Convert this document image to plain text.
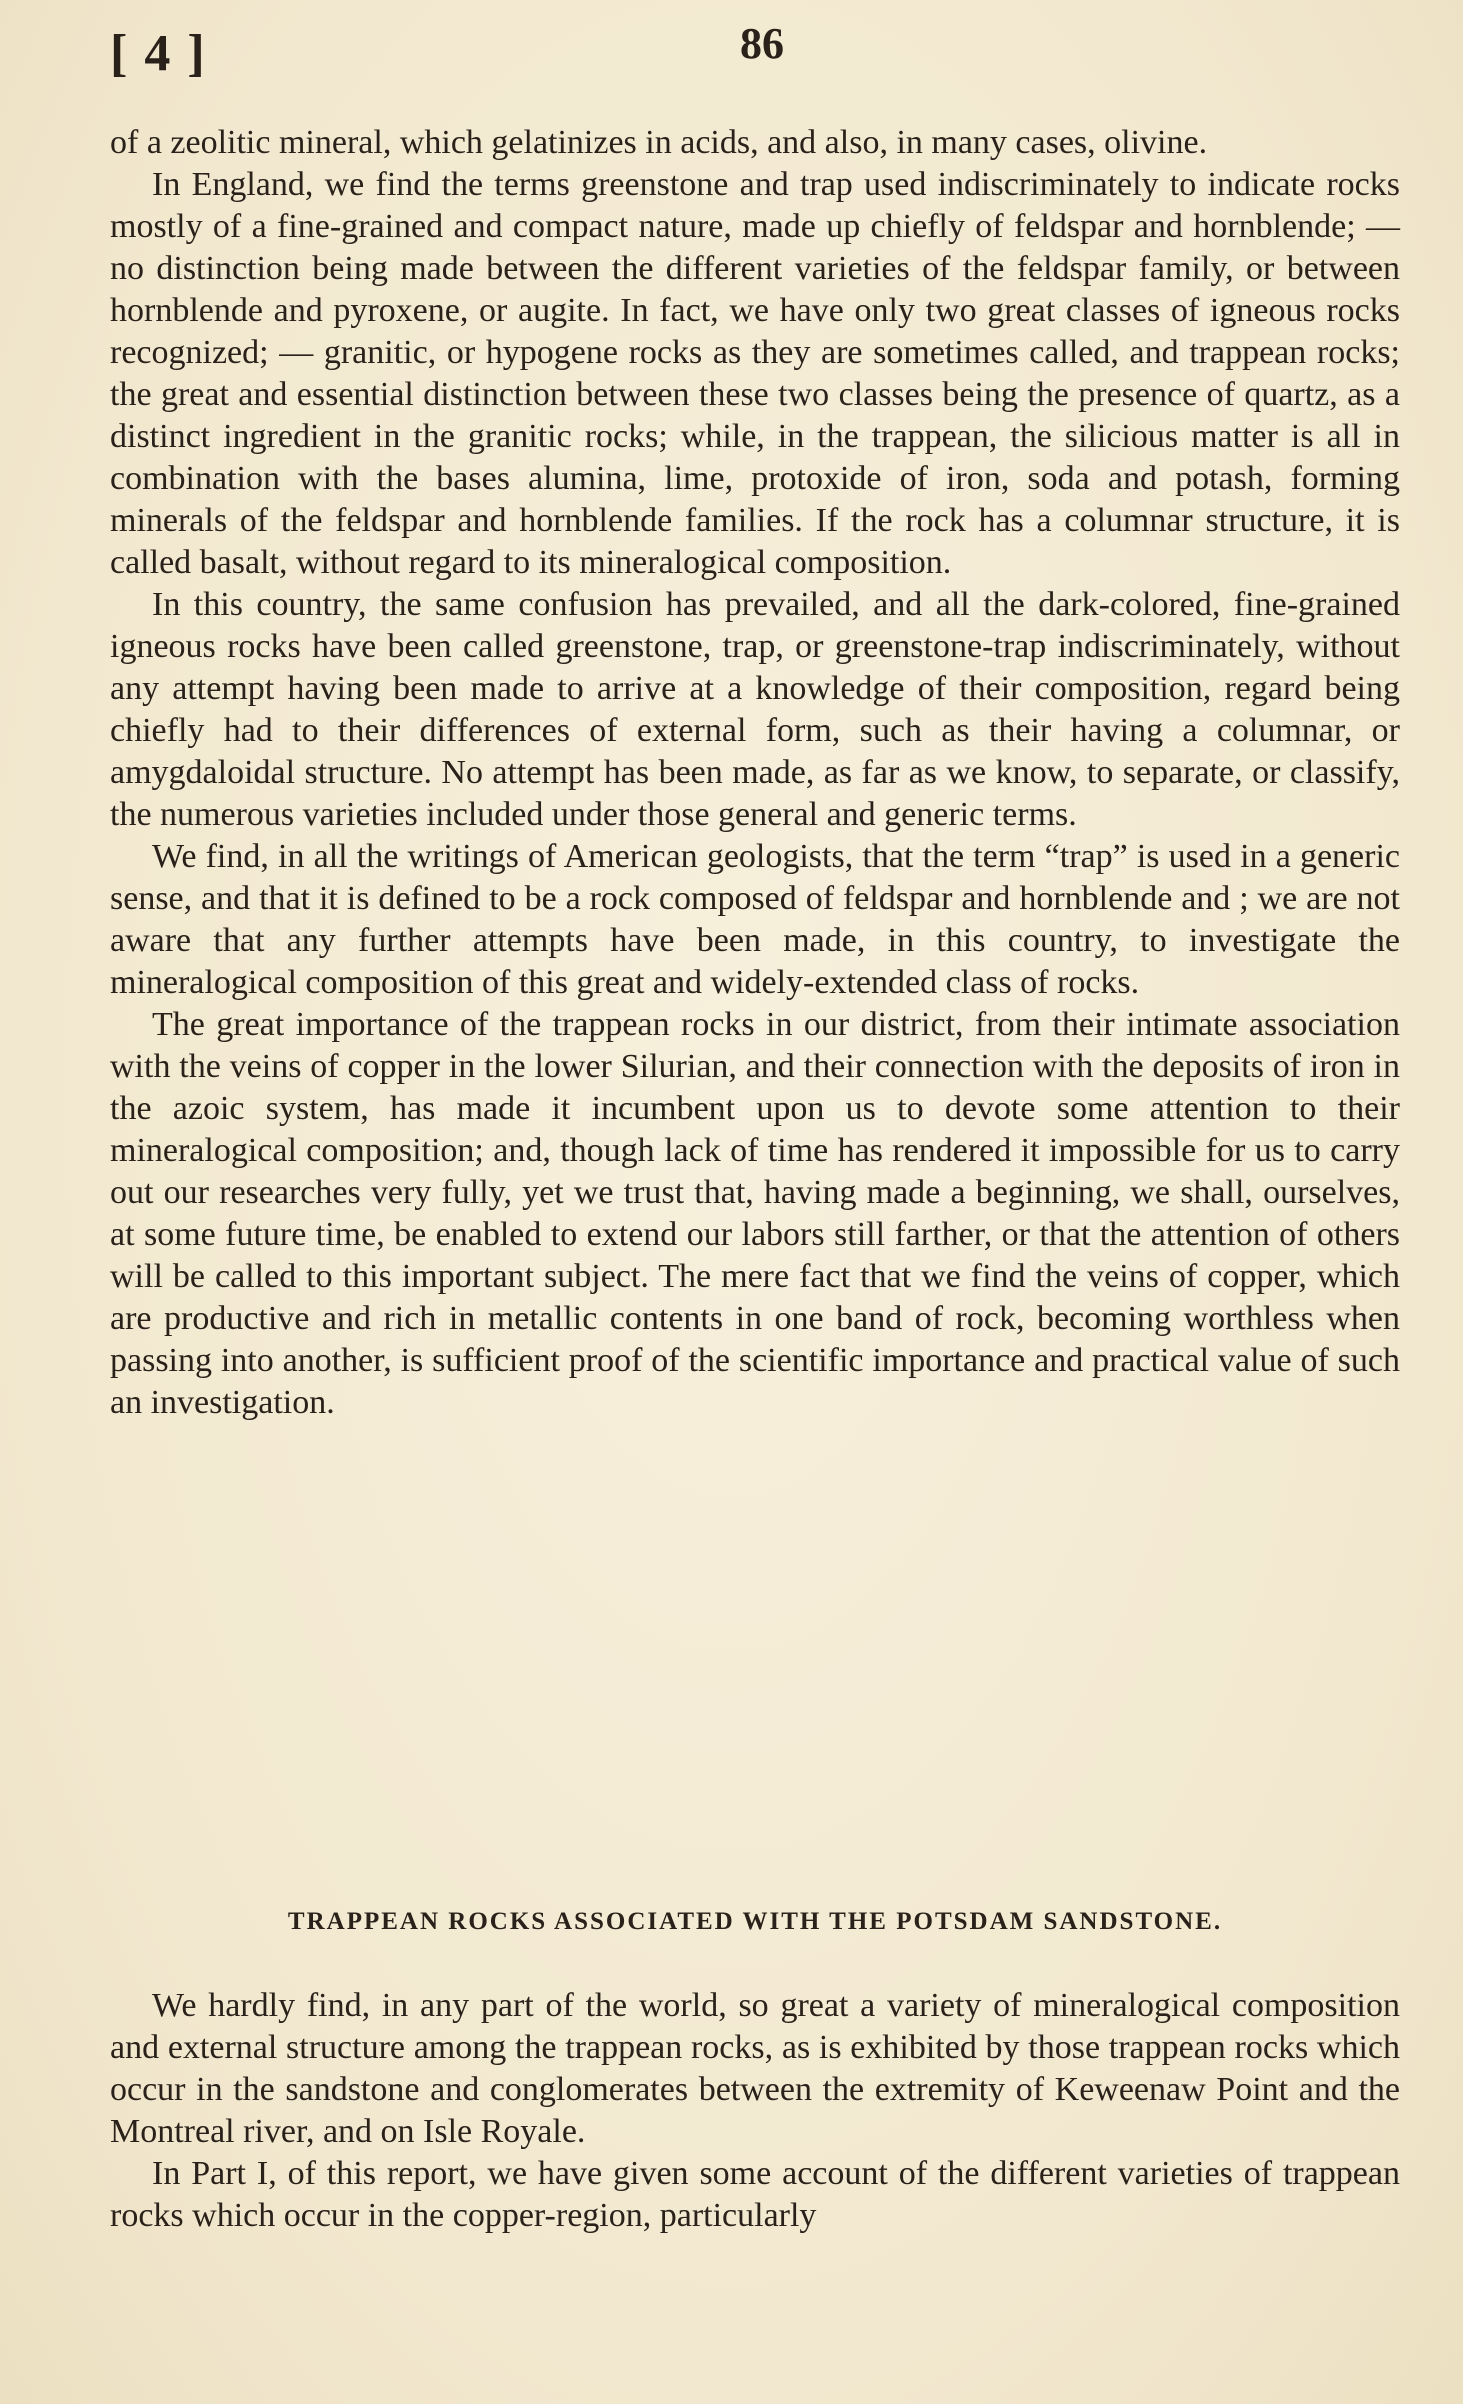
[ 4 ]	86

of a zeolitic mineral, which gelatinizes in acids, and also, in many cases, olivine.

In England, we find the terms greenstone and trap used indiscriminately to indicate rocks mostly of a fine-grained and compact nature, made up chiefly of feldspar and hornblende; — no distinction being made between the different varieties of the feldspar family, or between hornblende and pyroxene, or augite. In fact, we have only two great classes of igneous rocks recognized; — granitic, or hypogene rocks as they are sometimes called, and trappean rocks; the great and essential distinction between these two classes being the presence of quartz, as a distinct ingredient in the granitic rocks; while, in the trappean, the silicious matter is all in combination with the bases alumina, lime, protoxide of iron, soda and potash, forming minerals of the feldspar and hornblende families. If the rock has a columnar structure, it is called basalt, without regard to its mineralogical composition.

In this country, the same confusion has prevailed, and all the dark-colored, fine-grained igneous rocks have been called greenstone, trap, or greenstone-trap indiscriminately, without any attempt having been made to arrive at a knowledge of their composition, regard being chiefly had to their differences of external form, such as their having a columnar, or amygdaloidal structure. No attempt has been made, as far as we know, to separate, or classify, the numerous varieties included under those general and generic terms.

We find, in all the writings of American geologists, that the term “trap” is used in a generic sense, and that it is defined to be a rock composed of feldspar and hornblende and ; we are not aware that any further attempts have been made, in this country, to investigate the mineralogical composition of this great and widely-extended class of rocks.

The great importance of the trappean rocks in our district, from their intimate association with the veins of copper in the lower Silurian, and their connection with the deposits of iron in the azoic system, has made it incumbent upon us to devote some attention to their mineralogical composition; and, though lack of time has rendered it impossible for us to carry out our researches very fully, yet we trust that, having made a beginning, we shall, ourselves, at some future time, be enabled to extend our labors still farther, or that the attention of others will be called to this important subject. The mere fact that we find the veins of copper, which are productive and rich in metallic contents in one band of rock, becoming worthless when passing into another, is sufficient proof of the scientific importance and practical value of such an investigation.

TRAPPEAN ROCKS ASSOCIATED WITH THE POTSDAM SANDSTONE.

We hardly find, in any part of the world, so great a variety of mineralogical composition and external structure among the trappean rocks, as is exhibited by those trappean rocks which occur in the sandstone and conglomerates between the extremity of Keweenaw Point and the Montreal river, and on Isle Royale.

In Part I, of this report, we have given some account of the different varieties of trappean rocks which occur in the copper-region, particularly
